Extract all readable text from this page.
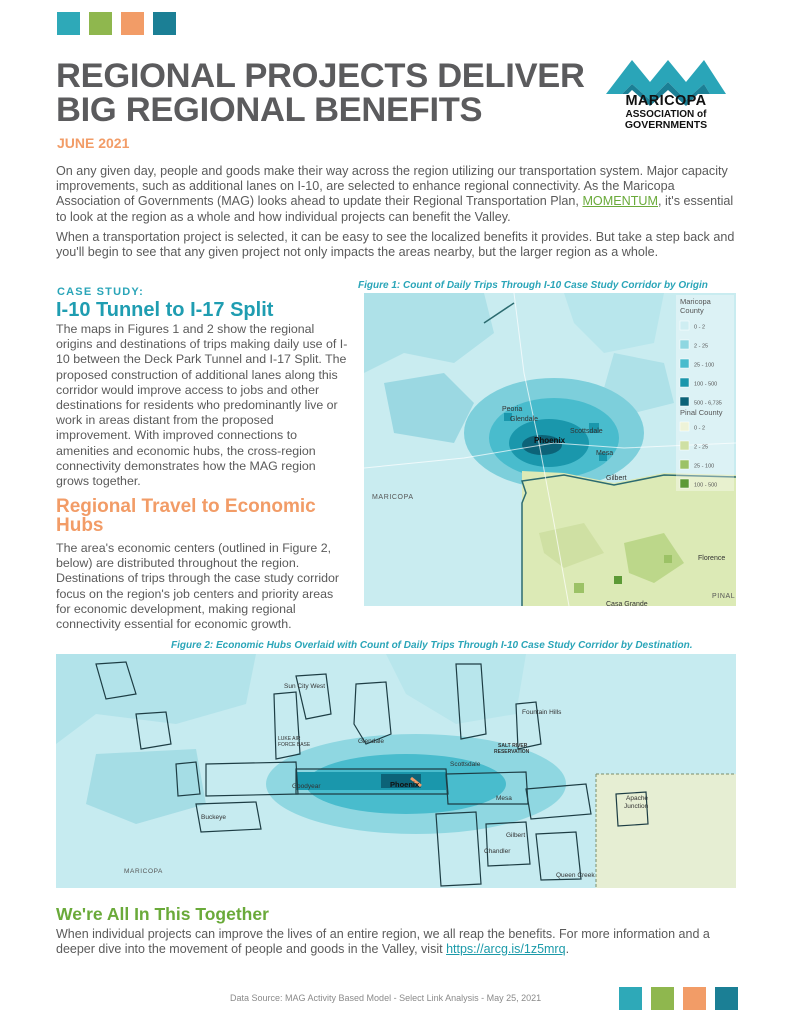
REGIONAL PROJECTS DELIVER
BIG REGIONAL BENEFITS
JUNE 2021
MARICOPA
ASSOCIATION of
GOVERNMENTS

On any given day, people and goods make their way across the region utilizing our transportation system. Major capacity improvements, such as additional lanes on I-10, are selected to enhance regional connectivity. As the Maricopa Association of Governments (MAG) looks ahead to update their Regional Transportation Plan, MOMENTUM, it's essential to look at the region as a whole and how individual projects can benefit the Valley.

When a transportation project is selected, it can be easy to see the localized benefits it provides. But take a step back and you'll begin to see that any given project not only impacts the areas nearby, but the larger region as a whole.

CASE STUDY:
I-10 Tunnel to I-17 Split

The maps in Figures 1 and 2 show the regional origins and destinations of trips making daily use of I-10 between the Deck Park Tunnel and I-17 Split. The proposed construction of additional lanes along this corridor would improve access to jobs and other destinations for residents who predominantly live or work in areas distant from the proposed improvement. With improved connections to amenities and economic hubs, the cross-region connectivity demonstrates how the MAG region grows together.

Regional Travel to Economic Hubs

The area's economic centers (outlined in Figure 2, below) are distributed throughout the region. Destinations of trips through the case study corridor focus on the region's job centers and priority areas for economic development, making regional connectivity essential for economic growth.

Figure 1: Count of Daily Trips Through I-10 Case Study Corridor by Origin
Peoria
Glendale
Scottsdale
Phoenix
Mesa
Gilbert
MARICOPA
Florence
Casa Grande
PINAL
Maricopa
County
0 - 2
2 - 25
25 - 100
100 - 500
500 - 6,735
Pinal County
0 - 2
2 - 25
25 - 100
100 - 500
Figure 2: Economic Hubs Overlaid with Count of Daily Trips Through I-10 Case Study Corridor by Destination.
Sun City West
LUKE AIR
FORCE BASE	Glendale
Fountain Hills
SALT RIVER
RESERVATION
Scottsdale
Phoenix
Goodyear
Buckeye
Mesa	Apache
Junction
Gilbert
Chandler
Queen Creek
MARICOPA
We're All In This Together

When individual projects can improve the lives of an entire region, we all reap the benefits. For more information and a deeper dive into the movement of people and goods in the Valley, visit https://arcg.is/1z5mrq.

Data Source: MAG Activity Based Model - Select Link Analysis - May 25, 2021
